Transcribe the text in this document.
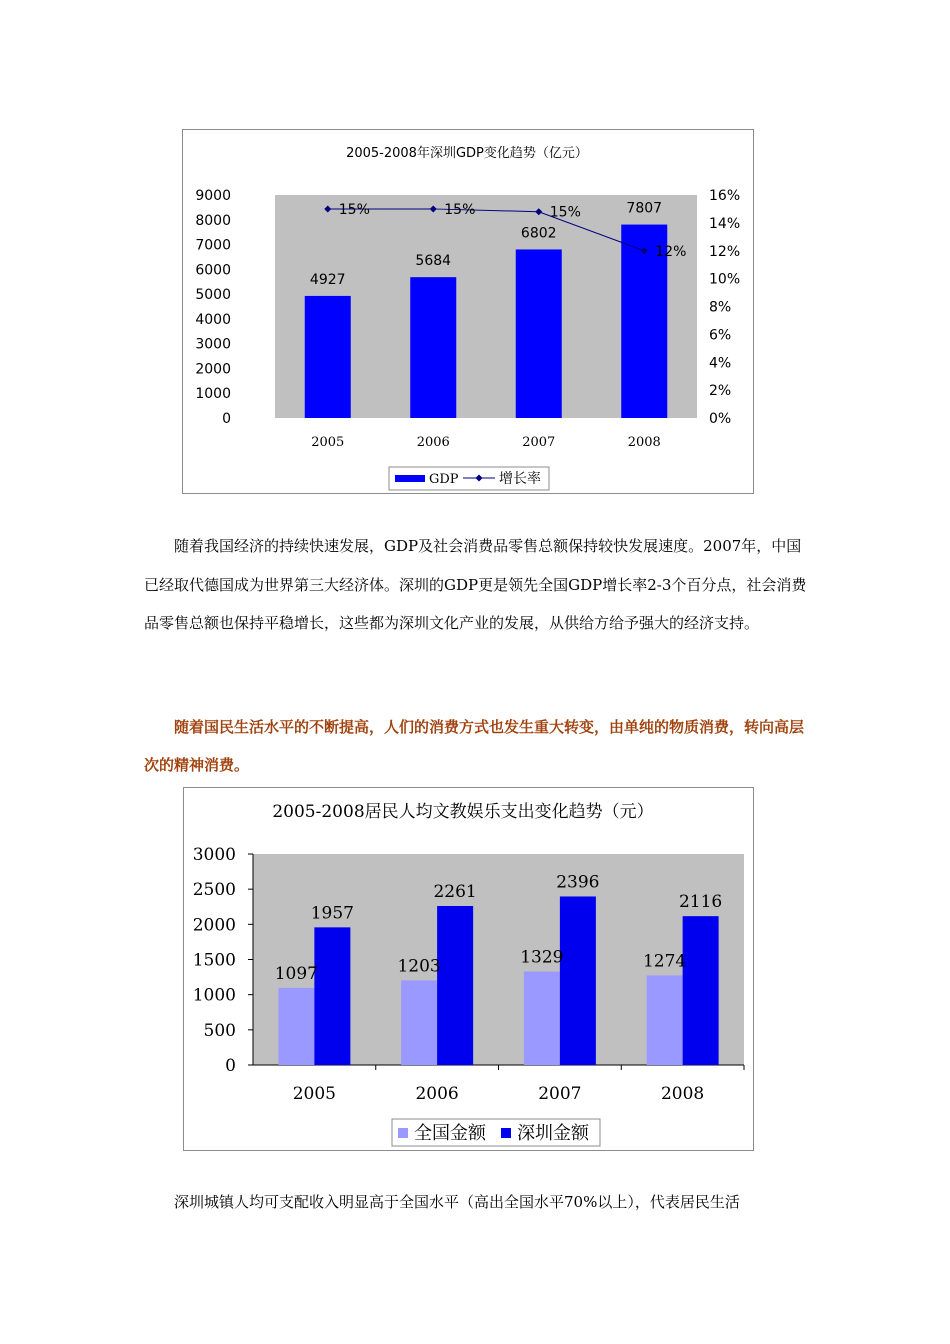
2005-2008年深圳GDP变化趋势（亿元）
0
1000
2000
3000
4000
5000
6000
7000
8000
9000
0%
2%
4%
6%
8%
10%
12%
14%
16%
4927
5684
6802
7807
2005	2006	2007	2008
15%	15%	15%
12%
GDP	增长率

随着我国经济的持续快速发展，GDP及社会消费品零售总额保持较快发展速度。2007年，中国已经取代德国成为世界第三大经济体。深圳的GDP更是领先全国GDP增长率2-3个百分点，社会消费品零售总额也保持平稳增长，这些都为深圳文化产业的发展，从供给方给予强大的经济支持。

随着国民生活水平的不断提高，人们的消费方式也发生重大转变，由单纯的物质消费，转向高层次的精神消费。

2005-2008居民人均文教娱乐支出变化趋势（元）
0
500
1000
1500
2000
2500
3000
2005	2006	2007	2008
1097
1957
1203
2261
1329
2396
1274
2116
全国金额 深圳金额

深圳城镇人均可支配收入明显高于全国水平（高出全国水平70%以上），代表居民生活
